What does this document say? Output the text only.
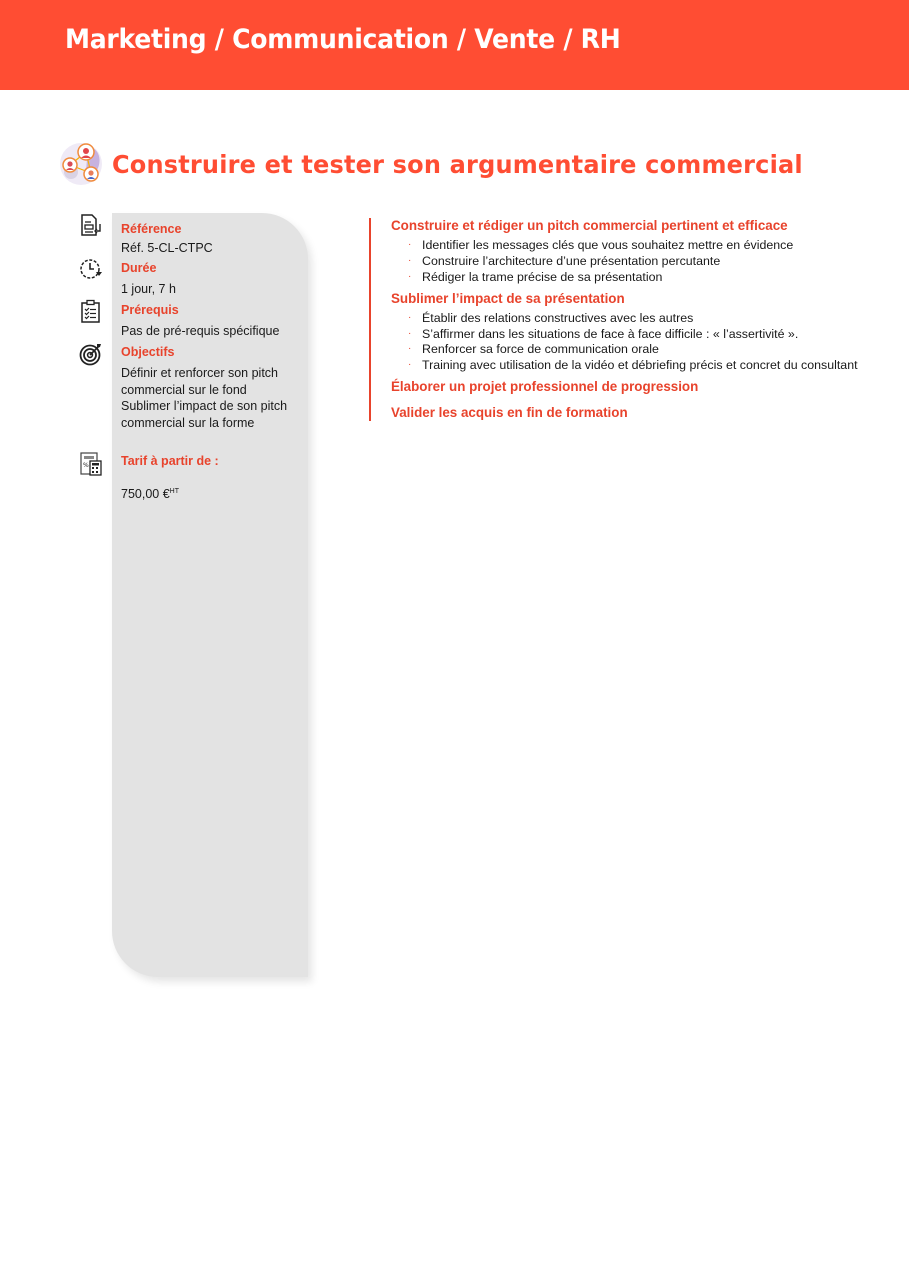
Marketing / Communication / Vente / RH
Construire et tester son argumentaire commercial
%
Référence
Réf. 5-CL-CTPC
Durée
1 jour, 7 h
Prérequis
Pas de pré-requis spécifique
Objectifs
Définir et renforcer son pitch
commercial sur le fond
Sublimer l’impact de son pitch
commercial sur la forme
Tarif à partir de :
750,00 €$^{HT}$
Construire et rédiger un pitch commercial pertinent et efficace
· Identifier les messages clés que vous souhaitez mettre en évidence
· Construire l’architecture d’une présentation percutante
· Rédiger la trame précise de sa présentation
Sublimer l’impact de sa présentation
· Établir des relations constructives avec les autres
· S’affirmer dans les situations de face à face difficile : « l’assertivité ».
· Renforcer sa force de communication orale
· Training avec utilisation de la vidéo et débriefing précis et concret du consultant
Élaborer un projet professionnel de progression
Valider les acquis en fin de formation
